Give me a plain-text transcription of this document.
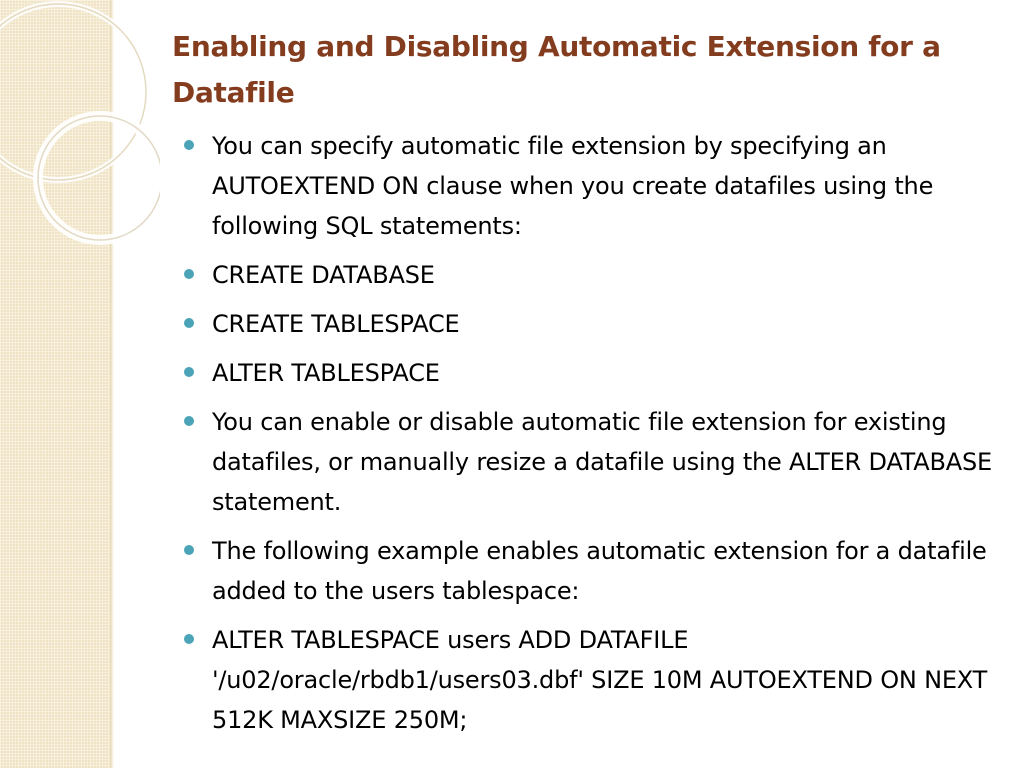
Enabling and Disabling Automatic Extension for a Datafile
You can specify automatic file extension by specifying an AUTOEXTEND ON clause when you create datafiles using the following SQL statements:
CREATE DATABASE
CREATE TABLESPACE
ALTER TABLESPACE
You can enable or disable automatic file extension for existing datafiles, or manually resize a datafile using the ALTER DATABASE statement.
The following example enables automatic extension for a datafile added to the users tablespace:
ALTER TABLESPACE users ADD DATAFILE '/u02/oracle/rbdb1/users03.dbf' SIZE 10M AUTOEXTEND ON NEXT 512K MAXSIZE 250M;
